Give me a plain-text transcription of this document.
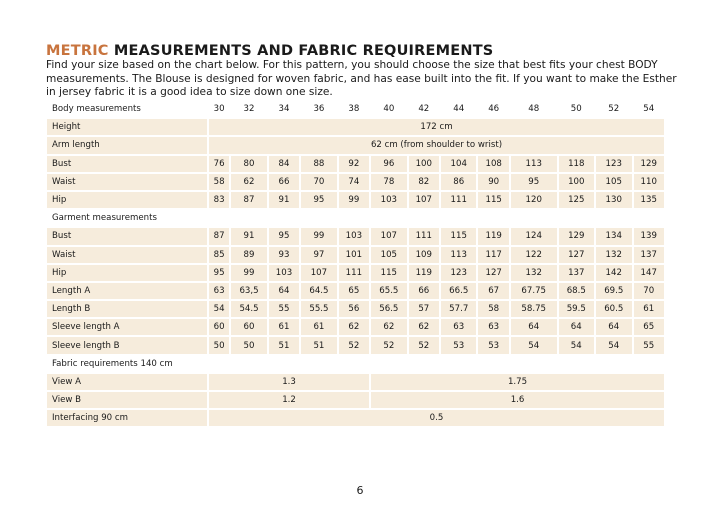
METRIC MEASUREMENTS AND FABRIC REQUIREMENTS
Find your size based on the chart below. For this pattern, you should choose the size that best fits your chest BODY measurements. The Blouse is designed for woven fabric, and has ease built into the fit. If you want to make the Esther in jersey fabric it is a good idea to size down one size.
Body measurements	30	32	34	36	38	40	42	44	46	48	50	52	54
Height	172 cm												
Arm length	62 cm (from shoulder to wrist)												
Bust	76	80	84	88	92	96	100	104	108	113	118	123	129
Waist	58	62	66	70	74	78	82	86	90	95	100	105	110
Hip	83	87	91	95	99	103	107	111	115	120	125	130	135
Garment measurements													
Bust	87	91	95	99	103	107	111	115	119	124	129	134	139
Waist	85	89	93	97	101	105	109	113	117	122	127	132	137
Hip	95	99	103	107	111	115	119	123	127	132	137	142	147
Length A	63	63,5	64	64.5	65	65.5	66	66.5	67	67.75	68.5	69.5	70
Length B	54	54.5	55	55.5	56	56.5	57	57.7	58	58.75	59.5	60.5	61
Sleeve length A	60	60	61	61	62	62	62	63	63	64	64	64	65
Sleeve length B	50	50	51	51	52	52	52	53	53	54	54	54	55
Fabric requirements 140 cm													
View A	1.3					1.75							
View B	1.2					1.6							
Interfacing 90 cm	0.5												
6
